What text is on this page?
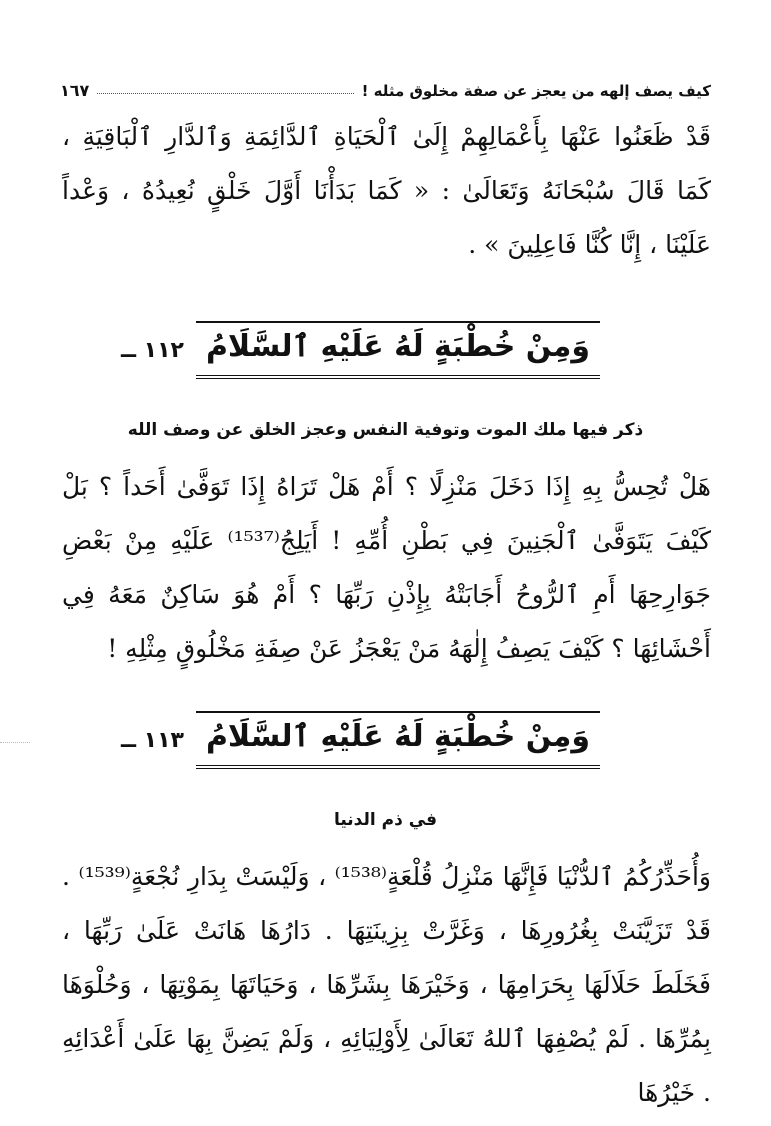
كيف يصف إلهه من يعجز عن صفة مخلوق مثله !
١٦٧

قَدْ ظَعَنُوا عَنْهَا بِأَعْمَالِهِمْ إِلَىٰ ٱلْحَيَاةِ ٱلدَّائِمَةِ وَٱلدَّارِ ٱلْبَاقِيَةِ ، كَمَا قَالَ سُبْحَانَهُ وَتَعَالَىٰ : « كَمَا بَدَأْنَا أَوَّلَ خَلْقٍ نُعِيدُهُ ، وَعْداً عَلَيْنَا ، إِنَّا كُنَّا فَاعِلِينَ » .

وَمِنْ خُطْبَةٍ لَهُ عَلَيْهِ ٱلسَّلَامُ
١١٢ ــ
ذكر فيها ملك الموت وتوفية النفس وعجز الخلق عن وصف الله

هَلْ تُحِسُّ بِهِ إِذَا دَخَلَ مَنْزِلًا ؟ أَمْ هَلْ تَرَاهُ إِذَا تَوَفَّىٰ أَحَداً ؟ بَلْ كَيْفَ يَتَوَفَّىٰ ٱلْجَنِينَ فِي بَطْنِ أُمِّهِ ! أَيَلِجُ⁽¹⁵³⁷⁾ عَلَيْهِ مِنْ بَعْضِ جَوَارِحِهَا أَمِ ٱلرُّوحُ أَجَابَتْهُ بِإِذْنِ رَبِّهَا ؟ أَمْ هُوَ سَاكِنٌ مَعَهُ فِي أَحْشَائِهَا ؟ كَيْفَ يَصِفُ إِلٰهَهُ مَنْ يَعْجَزُ عَنْ صِفَةِ مَخْلُوقٍ مِثْلِهِ !

وَمِنْ خُطْبَةٍ لَهُ عَلَيْهِ ٱلسَّلَامُ
١١٣ ــ
في ذم الدنيا

وَأُحَذِّرُكُمُ ٱلدُّنْيَا فَإِنَّهَا مَنْزِلُ قُلْعَةٍ⁽¹⁵³⁸⁾ ، وَلَيْسَتْ بِدَارِ نُجْعَةٍ⁽¹⁵³⁹⁾ . قَدْ تَزَيَّنَتْ بِغُرُورِهَا ، وَغَرَّتْ بِزِينَتِهَا . دَارُهَا هَانَتْ عَلَىٰ رَبِّهَا ، فَخَلَطَ حَلَالَهَا بِحَرَامِهَا ، وَخَيْرَهَا بِشَرِّهَا ، وَحَيَاتَهَا بِمَوْتِهَا ، وَحُلْوَهَا بِمُرِّهَا . لَمْ يُصْفِهَا ٱللهُ تَعَالَىٰ لِأَوْلِيَائِهِ ، وَلَمْ يَضِنَّ بِهَا عَلَىٰ أَعْدَائِهِ . خَيْرُهَا
